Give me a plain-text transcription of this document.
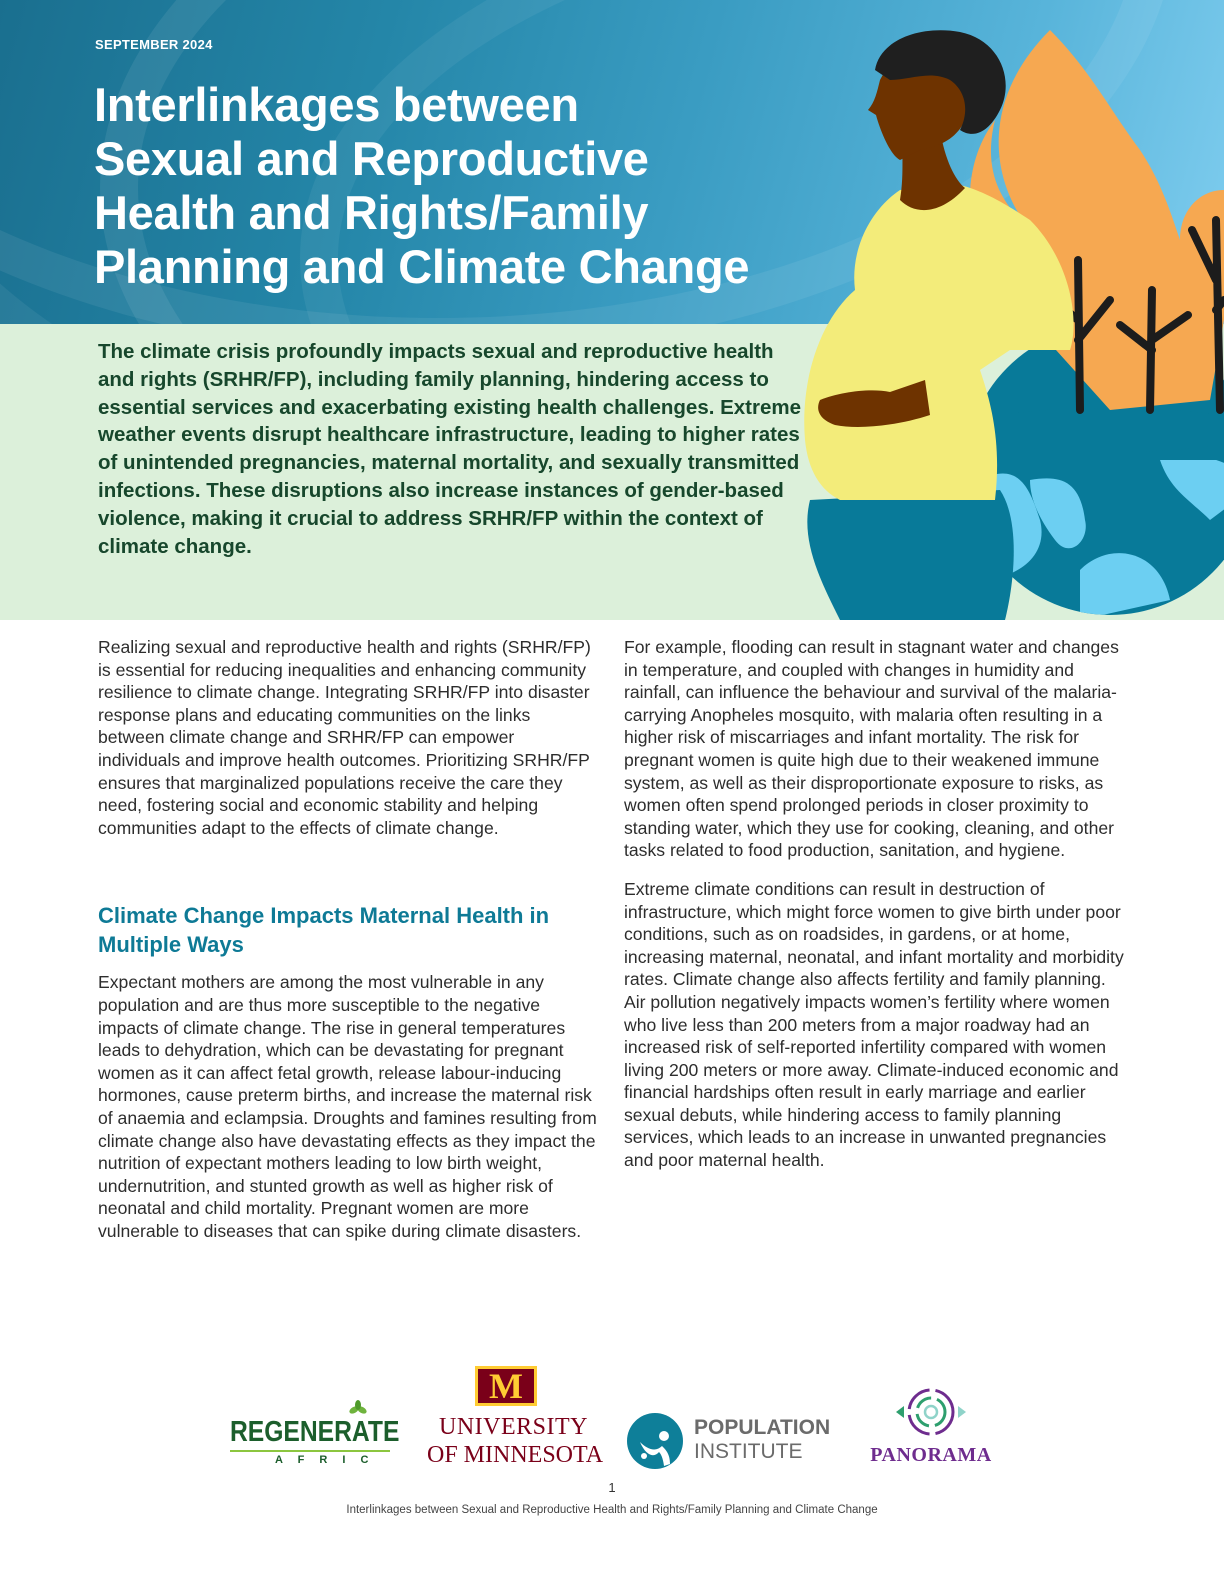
SEPTEMBER 2024
Interlinkages between
Sexual and Reproductive
Health and Rights/Family
Planning and Climate Change

The climate crisis profoundly impacts sexual and reproductive health and rights (SRHR/FP), including family planning, hindering access to essential services and exacerbating existing health challenges. Extreme weather events disrupt healthcare infrastructure, leading to higher rates of unintended pregnancies, maternal mortality, and sexually transmitted infections. These disruptions also increase instances of gender-based violence, making it crucial to address SRHR/FP within the context of climate change.

Realizing sexual and reproductive health and rights (SRHR/FP) is essential for reducing inequalities and enhancing community resilience to climate change. Integrating SRHR/FP into disaster response plans and educating communities on the links between climate change and SRHR/FP can empower individuals and improve health outcomes. Prioritizing SRHR/FP ensures that marginalized populations receive the care they need, fostering social and economic stability and helping communities adapt to the effects of climate change.

Climate Change Impacts Maternal Health in Multiple Ways

Expectant mothers are among the most vulnerable in any population and are thus more susceptible to the negative impacts of climate change. The rise in general temperatures leads to dehydration, which can be devastating for pregnant women as it can affect fetal growth, release labour-inducing hormones, cause preterm births, and increase the maternal risk of anaemia and eclampsia. Droughts and famines resulting from climate change also have devastating effects as they impact the nutrition of expectant mothers leading to low birth weight, undernutrition, and stunted growth as well as higher risk of neonatal and child mortality. Pregnant women are more vulnerable to diseases that can spike during climate disasters.

For example, flooding can result in stagnant water and changes in temperature, and coupled with changes in humidity and rainfall, can influence the behaviour and survival of the malaria-carrying Anopheles mosquito, with malaria often resulting in a higher risk of miscarriages and infant mortality. The risk for pregnant women is quite high due to their weakened immune system, as well as their disproportionate exposure to risks, as women often spend prolonged periods in closer proximity to standing water, which they use for cooking, cleaning, and other tasks related to food production, sanitation, and hygiene.

Extreme climate conditions can result in destruction of infrastructure, which might force women to give birth under poor conditions, such as on roadsides, in gardens, or at home, increasing maternal, neonatal, and infant mortality and morbidity rates. Climate change also affects fertility and family planning. Air pollution negatively impacts women’s fertility where women who live less than 200 meters from a major roadway had an increased risk of self-reported infertility compared with women living 200 meters or more away. Climate-induced economic and financial hardships often result in early marriage and earlier sexual debuts, while hindering access to family planning services, which leads to an increase in unwanted pregnancies and poor maternal health.

REGENERATE
A F R I C
M
UNIVERSITY
OF MINNESOTA
POPULATION
INSTITUTE	PANORAMA
1
Interlinkages between Sexual and Reproductive Health and Rights/Family Planning and Climate Change
